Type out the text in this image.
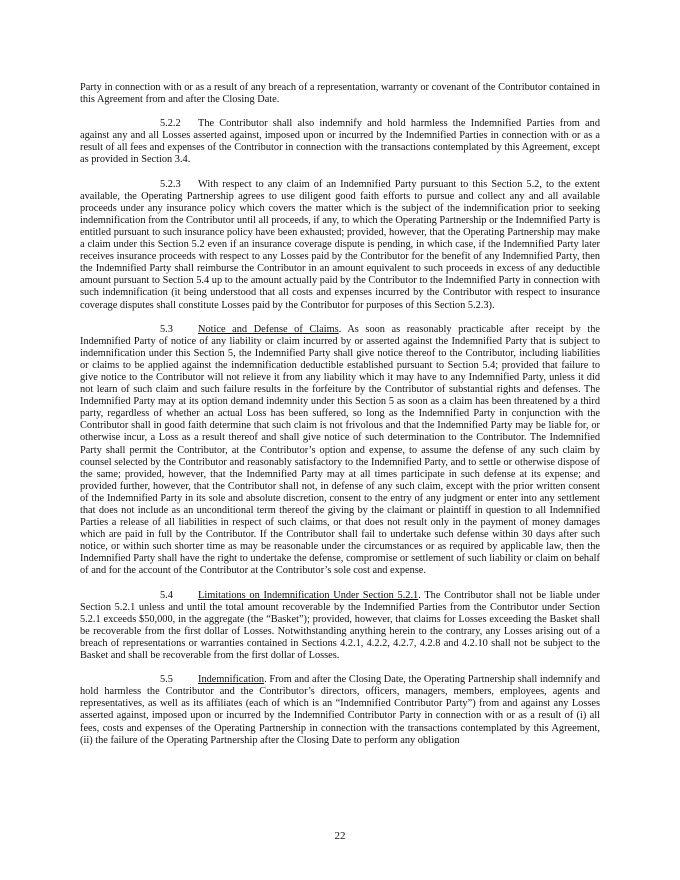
Party in connection with or as a result of any breach of a representation, warranty or covenant of the Contributor contained in this Agreement from and after the Closing Date.

5.2.2 The Contributor shall also indemnify and hold harmless the Indemnified Parties from and against any and all Losses asserted against, imposed upon or incurred by the Indemnified Parties in connection with or as a result of all fees and expenses of the Contributor in connection with the transactions contemplated by this Agreement, except as provided in Section 3.4.

5.2.3 With respect to any claim of an Indemnified Party pursuant to this Section 5.2, to the extent available, the Operating Partnership agrees to use diligent good faith efforts to pursue and collect any and all available proceeds under any insurance policy which covers the matter which is the subject of the indemnification prior to seeking indemnification from the Contributor until all proceeds, if any, to which the Operating Partnership or the Indemnified Party is entitled pursuant to such insurance policy have been exhausted; provided, however, that the Operating Partnership may make a claim under this Section 5.2 even if an insurance coverage dispute is pending, in which case, if the Indemnified Party later receives insurance proceeds with respect to any Losses paid by the Contributor for the benefit of any Indemnified Party, then the Indemnified Party shall reimburse the Contributor in an amount equivalent to such proceeds in excess of any deductible amount pursuant to Section 5.4 up to the amount actually paid by the Contributor to the Indemnified Party in connection with such indemnification (it being understood that all costs and expenses incurred by the Contributor with respect to insurance coverage disputes shall constitute Losses paid by the Contributor for purposes of this Section 5.2.3).

5.3 Notice and Defense of Claims. As soon as reasonably practicable after receipt by the Indemnified Party of notice of any liability or claim incurred by or asserted against the Indemnified Party that is subject to indemnification under this Section 5, the Indemnified Party shall give notice thereof to the Contributor, including liabilities or claims to be applied against the indemnification deductible established pursuant to Section 5.4; provided that failure to give notice to the Contributor will not relieve it from any liability which it may have to any Indemnified Party, unless it did not learn of such claim and such failure results in the forfeiture by the Contributor of substantial rights and defenses. The Indemnified Party may at its option demand indemnity under this Section 5 as soon as a claim has been threatened by a third party, regardless of whether an actual Loss has been suffered, so long as the Indemnified Party in conjunction with the Contributor shall in good faith determine that such claim is not frivolous and that the Indemnified Party may be liable for, or otherwise incur, a Loss as a result thereof and shall give notice of such determination to the Contributor. The Indemnified Party shall permit the Contributor, at the Contributor’s option and expense, to assume the defense of any such claim by counsel selected by the Contributor and reasonably satisfactory to the Indemnified Party, and to settle or otherwise dispose of the same; provided, however, that the Indemnified Party may at all times participate in such defense at its expense; and provided further, however, that the Contributor shall not, in defense of any such claim, except with the prior written consent of the Indemnified Party in its sole and absolute discretion, consent to the entry of any judgment or enter into any settlement that does not include as an unconditional term thereof the giving by the claimant or plaintiff in question to all Indemnified Parties a release of all liabilities in respect of such claims, or that does not result only in the payment of money damages which are paid in full by the Contributor. If the Contributor shall fail to undertake such defense within 30 days after such notice, or within such shorter time as may be reasonable under the circumstances or as required by applicable law, then the Indemnified Party shall have the right to undertake the defense, compromise or settlement of such liability or claim on behalf of and for the account of the Contributor at the Contributor’s sole cost and expense.

5.4 Limitations on Indemnification Under Section 5.2.1. The Contributor shall not be liable under Section 5.2.1 unless and until the total amount recoverable by the Indemnified Parties from the Contributor under Section 5.2.1 exceeds $50,000, in the aggregate (the “Basket”); provided, however, that claims for Losses exceeding the Basket shall be recoverable from the first dollar of Losses. Notwithstanding anything herein to the contrary, any Losses arising out of a breach of representations or warranties contained in Sections 4.2.1, 4.2.2, 4.2.7, 4.2.8 and 4.2.10 shall not be subject to the Basket and shall be recoverable from the first dollar of Losses.

5.5 Indemnification. From and after the Closing Date, the Operating Partnership shall indemnify and hold harmless the Contributor and the Contributor’s directors, officers, managers, members, employees, agents and representatives, as well as its affiliates (each of which is an “Indemnified Contributor Party”) from and against any Losses asserted against, imposed upon or incurred by the Indemnified Contributor Party in connection with or as a result of (i) all fees, costs and expenses of the Operating Partnership in connection with the transactions contemplated by this Agreement, (ii) the failure of the Operating Partnership after the Closing Date to perform any obligation

22
